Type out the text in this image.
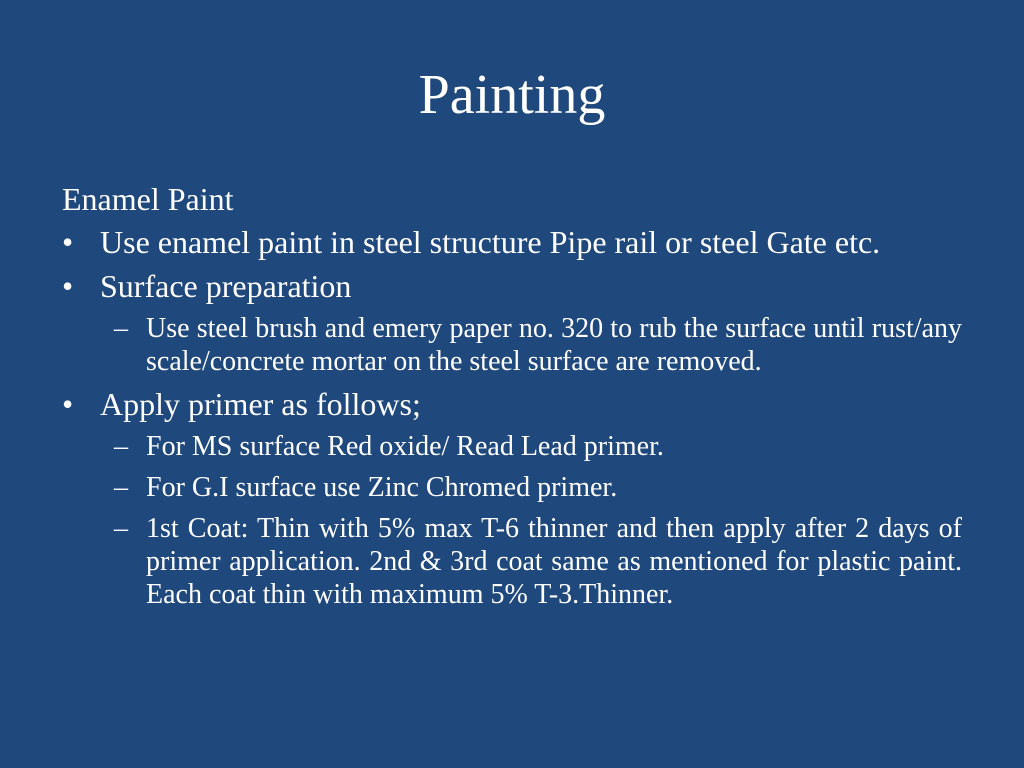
Painting
Enamel Paint
• Use enamel paint in steel structure Pipe rail or steel Gate etc.
• Surface preparation
– Use steel brush and emery paper no. 320 to rub the surface until rust/any scale/concrete mortar on the steel surface are removed.
• Apply primer as follows;
– For MS surface Red oxide/ Read Lead primer.
– For G.I surface use Zinc Chromed primer.
– 1st Coat: Thin with 5% max T-6 thinner and then apply after 2 days of primer application. 2nd & 3rd coat same as mentioned for plastic paint. Each coat thin with maximum 5% T-3.Thinner.
